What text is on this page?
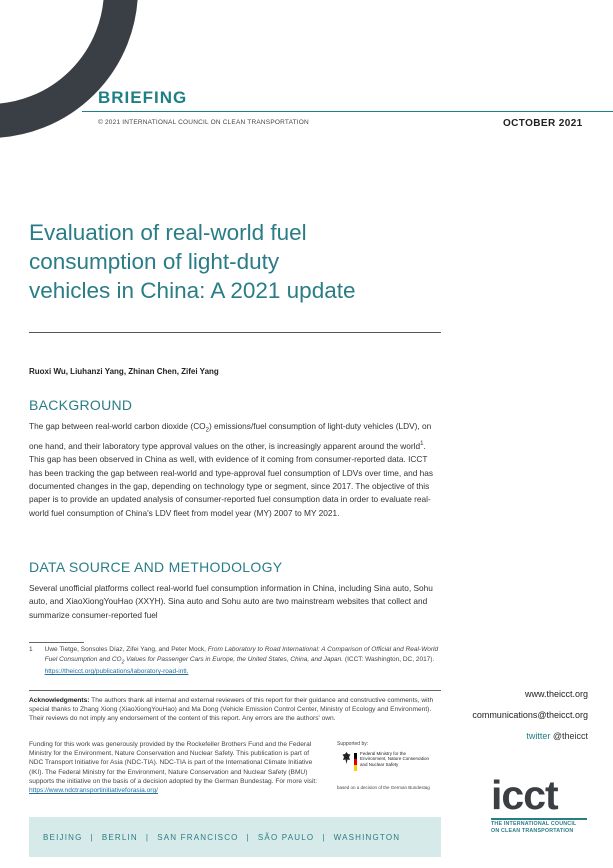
BRIEFING
© 2021 INTERNATIONAL COUNCIL ON CLEAN TRANSPORTATION	OCTOBER 2021
Evaluation of real-world fuel
consumption of light-duty
vehicles in China: A 2021 update
Ruoxi Wu, Liuhanzi Yang, Zhinan Chen, Zifei Yang
BACKGROUND

The gap between real-world carbon dioxide $(CO_2)$ emissions/fuel consumption of light-duty vehicles (LDV), on one hand, and their laboratory type approval values on the other, is increasingly apparent around the world$^1$. This gap has been observed in China as well, with evidence of it coming from consumer-reported data. ICCT has been tracking the gap between real-world and type-approval fuel consumption of LDVs over time, and has documented changes in the gap, depending on technology type or segment, since 2017. The objective of this paper is to provide an updated analysis of consumer-reported fuel consumption data in order to evaluate real-world fuel consumption of China's LDV fleet from model year (MY) 2007 to MY 2021.

DATA SOURCE AND METHODOLOGY

Several unofficial platforms collect real-world fuel consumption information in China, including Sina auto, Sohu auto, and XiaoXiongYouHao (XXYH). Sina auto and Sohu auto are two mainstream websites that collect and summarize consumer-reported fuel

1 Uwe Tietge, Sonsoles Díaz, Zifei Yang, and Peter Mock, From Laboratory to Road International: A Comparison of Official and Real-World Fuel Consumption and $CO_2$ Values for Passenger Cars in Europe, the United States, China, and Japan. (ICCT: Washington, DC, 2017). https://theicct.org/publications/laboratory-road-intl.
Acknowledgments: The authors thank all internal and external reviewers of this report for their guidance and constructive comments, with special thanks to Zhang Xiong (XiaoXiongYouHao) and Ma Dong (Vehicle Emission Control Center, Ministry of Ecology and Environment). Their reviews do not imply any endorsement of the content of this report. Any errors are the authors' own.
Funding for this work was generously provided by the Rockefeller Brothers Fund and the Federal Ministry for the Environment, Nature Conservation and Nuclear Safety. This publication is part of NDC Transport Initiative for Asia (NDC-TIA). NDC-TIA is part of the International Climate Initiative (IKI). The Federal Ministry for the Environment, Nature Conservation and Nuclear Safety (BMU) supports the initiative on the basis of a decision adopted by the German Bundestag. For more visit: https://www.ndctransportinitiativeforasia.org/
Supported by:
Federal Ministry for the Environment, Nature Conservation and Nuclear Safety
based on a decision of the German Bundestag
www.theicct.org
communications@theicct.org
twitter @theicct
icct
THE INTERNATIONAL COUNCIL
ON CLEAN TRANSPORTATION
BEIJING | BERLIN | SAN FRANCISCO | SÃO PAULO | WASHINGTON
